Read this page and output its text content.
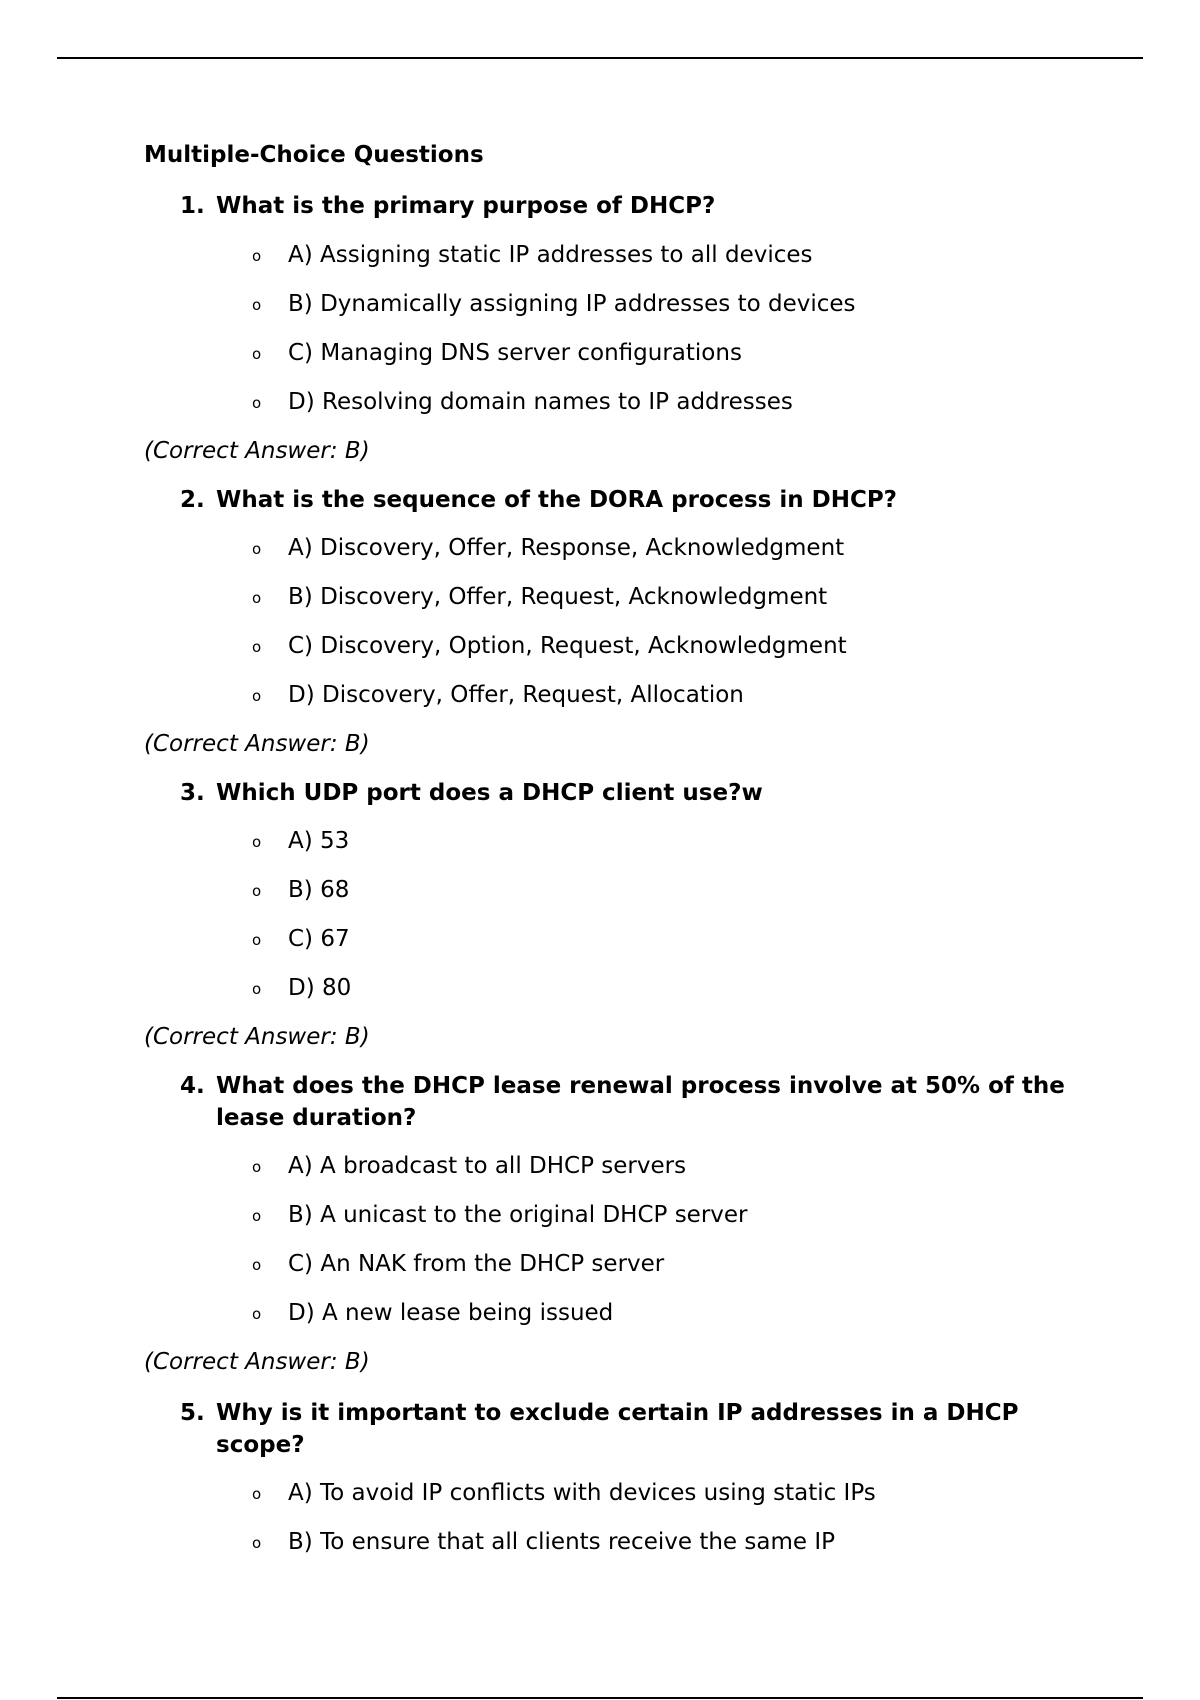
Multiple-Choice Questions
1. What is the primary purpose of DHCP?
o A) Assigning static IP addresses to all devices
o B) Dynamically assigning IP addresses to devices
o C) Managing DNS server configurations
o D) Resolving domain names to IP addresses
(Correct Answer: B)
2. What is the sequence of the DORA process in DHCP?
o A) Discovery, Offer, Response, Acknowledgment
o B) Discovery, Offer, Request, Acknowledgment
o C) Discovery, Option, Request, Acknowledgment
o D) Discovery, Offer, Request, Allocation
(Correct Answer: B)
3. Which UDP port does a DHCP client use?w
o A) 53
o B) 68
o C) 67
o D) 80
(Correct Answer: B)
4. What does the DHCP lease renewal process involve at 50% of the lease duration?
o A) A broadcast to all DHCP servers
o B) A unicast to the original DHCP server
o C) An NAK from the DHCP server
o D) A new lease being issued
(Correct Answer: B)
5. Why is it important to exclude certain IP addresses in a DHCP scope?
o A) To avoid IP conflicts with devices using static IPs
o B) To ensure that all clients receive the same IP
